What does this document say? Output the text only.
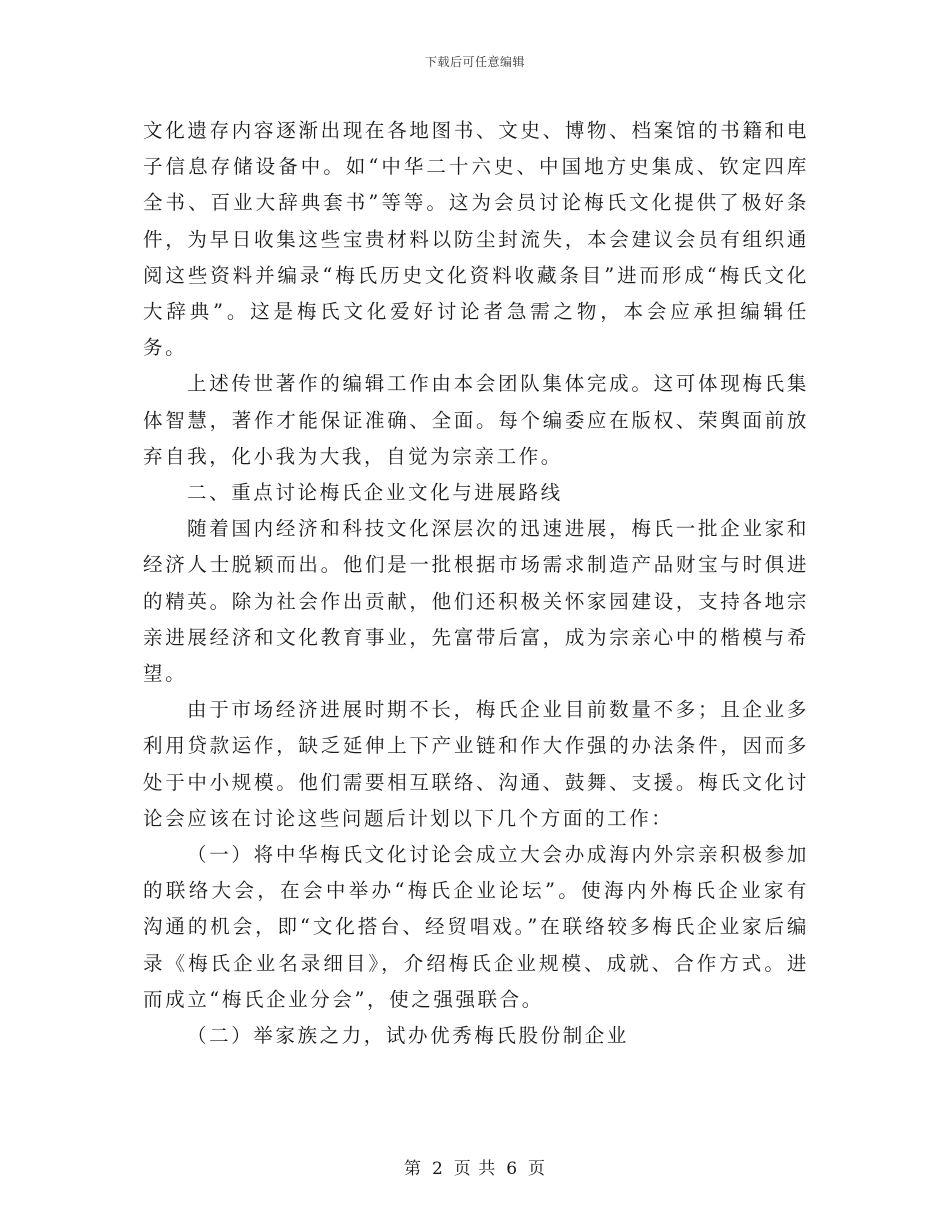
下载后可任意编辑

文化遗存内容逐渐出现在各地图书、文史、博物、档案馆的书籍和电子信息存储设备中。如“中华二十六史、中国地方史集成、钦定四库全书、百业大辞典套书”等等。这为会员讨论梅氏文化提供了极好条件，为早日收集这些宝贵材料以防尘封流失，本会建议会员有组织通阅这些资料并编录“梅氏历史文化资料收藏条目”进而形成“梅氏文化大辞典”。这是梅氏文化爱好讨论者急需之物，本会应承担编辑任务。

上述传世著作的编辑工作由本会团队集体完成。这可体现梅氏集体智慧，著作才能保证准确、全面。每个编委应在版权、荣舆面前放弃自我，化小我为大我，自觉为宗亲工作。

二、重点讨论梅氏企业文化与进展路线

随着国内经济和科技文化深层次的迅速进展，梅氏一批企业家和经济人士脱颖而出。他们是一批根据市场需求制造产品财宝与时俱进的精英。除为社会作出贡献，他们还积极关怀家园建设，支持各地宗亲进展经济和文化教育事业，先富带后富，成为宗亲心中的楷模与希望。

由于市场经济进展时期不长，梅氏企业目前数量不多；且企业多利用贷款运作，缺乏延伸上下产业链和作大作强的办法条件，因而多处于中小规模。他们需要相互联络、沟通、鼓舞、支援。梅氏文化讨论会应该在讨论这些问题后计划以下几个方面的工作：

（一）将中华梅氏文化讨论会成立大会办成海内外宗亲积极参加的联络大会，在会中举办“梅氏企业论坛”。使海内外梅氏企业家有沟通的机会，即“文化搭台、经贸唱戏。”在联络较多梅氏企业家后编录《梅氏企业名录细目》，介绍梅氏企业规模、成就、合作方式。进而成立“梅氏企业分会”，使之强强联合。

（二）举家族之力，试办优秀梅氏股份制企业

第 2 页 共 6 页
